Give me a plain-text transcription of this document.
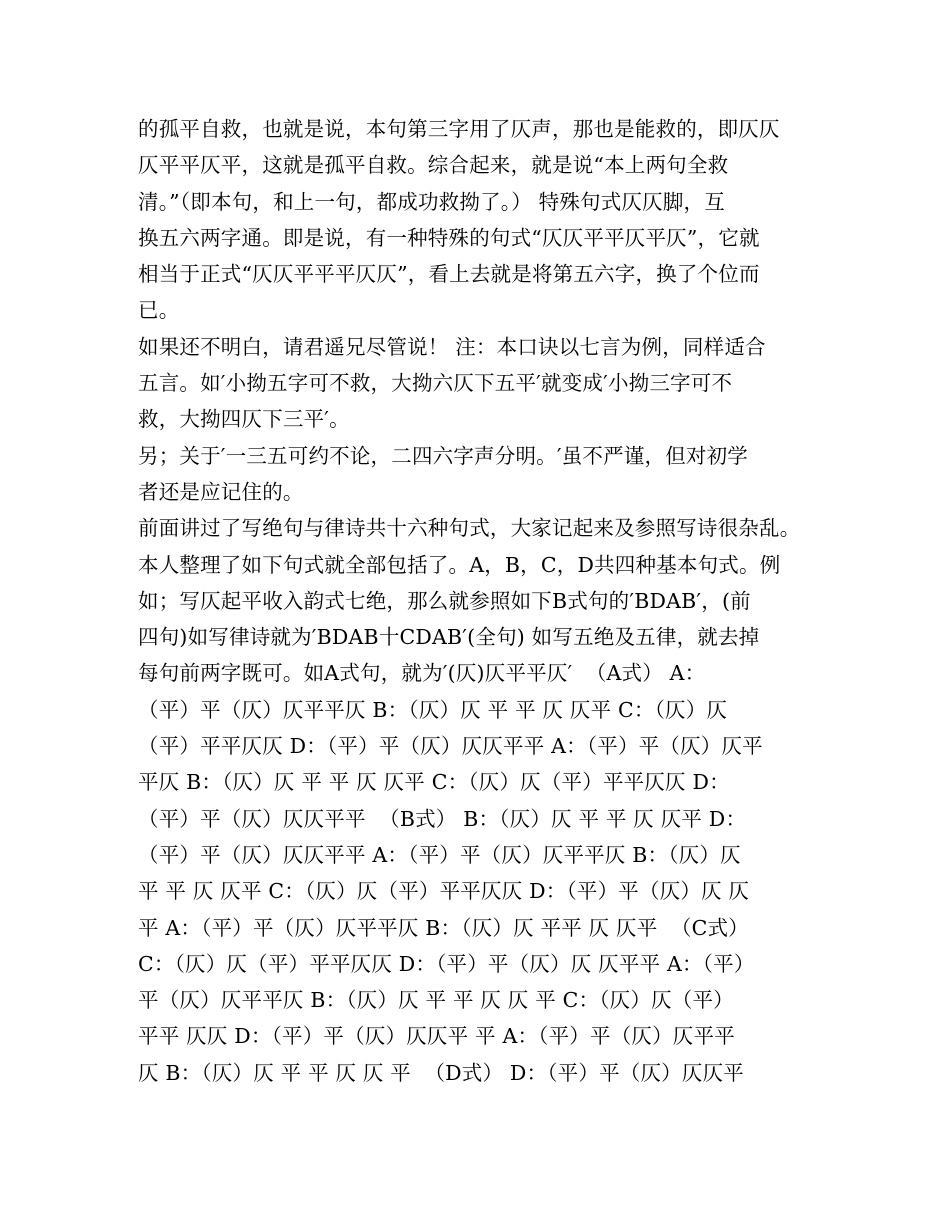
的孤平自救，也就是说，本句第三字用了仄声，那也是能救的，即仄仄
仄平平仄平，这就是孤平自救。综合起来，就是说“本上两句全救
清。”（即本句，和上一句，都成功救拗了。） 特殊句式仄仄脚，互
换五六两字通。即是说，有一种特殊的句式“仄仄平平仄平仄”，它就
相当于正式“仄仄平平平仄仄”，看上去就是将第五六字，换了个位而
已。
如果还不明白，请君遥兄尽管说！ 注：本口诀以七言为例，同样适合
五言。如′小拗五字可不救，大拗六仄下五平′就变成′小拗三字可不
救，大拗四仄下三平′。
另；关于′一三五可约不论，二四六字声分明。′虽不严谨，但对初学
者还是应记住的。
前面讲过了写绝句与律诗共十六种句式，大家记起来及参照写诗很杂乱。
本人整理了如下句式就全部包括了。A，B，C，D共四种基本句式。例
如；写仄起平收入韵式七绝，那么就参照如下B式句的′BDAB′，(前
四句)如写律诗就为′BDAB十CDAB′(全句) 如写五绝及五律，就去掉
每句前两字既可。如A式句，就为′(仄)仄平平仄′  （A式） A：
（平）平（仄）仄平平仄 B：（仄）仄 平 平 仄 仄平 C：（仄）仄
（平）平平仄仄 D：（平）平（仄）仄仄平平 A：（平）平（仄）仄平
平仄 B：（仄）仄 平 平 仄 仄平 C：（仄）仄（平）平平仄仄 D：
（平）平（仄）仄仄平平  （B式） B：（仄）仄 平 平 仄 仄平 D：
（平）平（仄）仄仄平平 A：（平）平（仄）仄平平仄 B：（仄）仄
平 平 仄 仄平 C：（仄）仄（平）平平仄仄 D：（平）平（仄）仄 仄
平 A：（平）平（仄）仄平平仄 B：（仄）仄 平平 仄 仄平  （C式）
C：（仄）仄（平）平平仄仄 D：（平）平（仄）仄 仄平平 A：（平）
平（仄）仄平平仄 B：（仄）仄 平 平 仄 仄 平 C：（仄）仄（平）
平平 仄仄 D：（平）平（仄）仄仄平 平 A：（平）平（仄）仄平平
仄 B：（仄）仄 平 平 仄 仄 平  （D式） D：（平）平（仄）仄仄平
